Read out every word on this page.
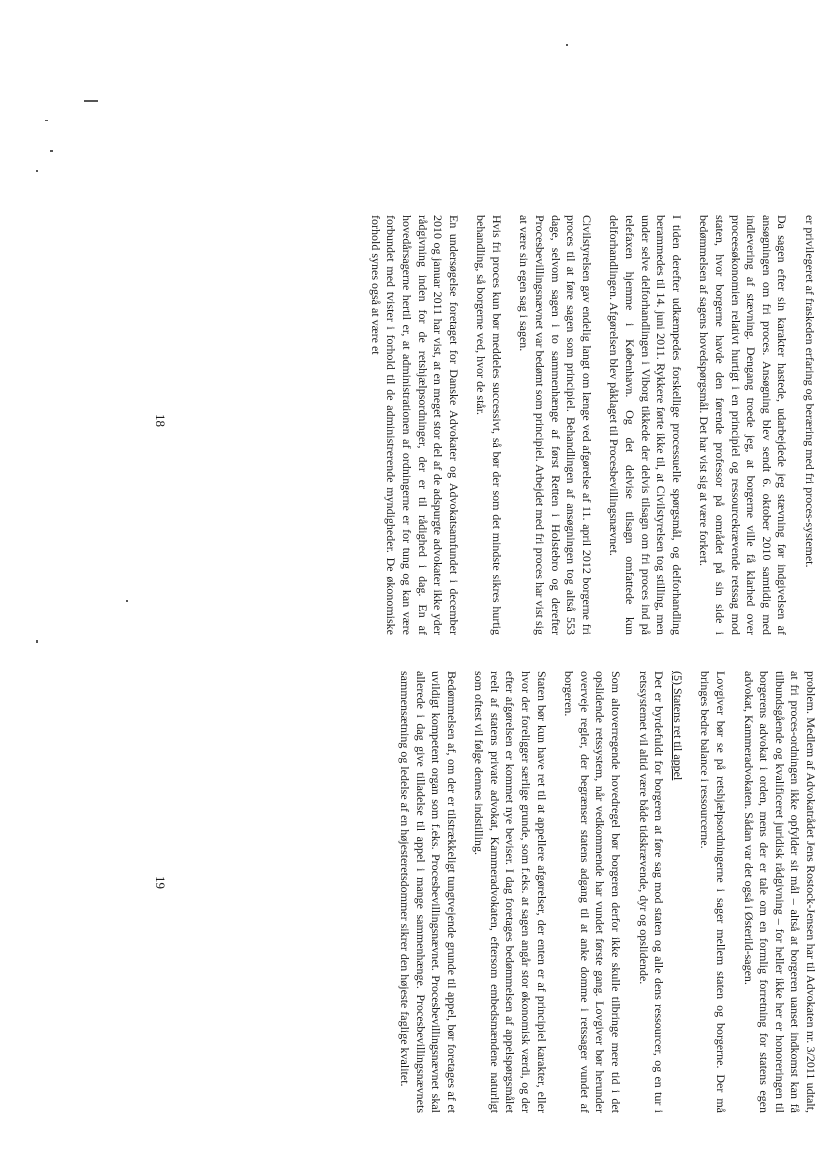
er privilegeret af fraskeden erfaring og beræring med fri proces-systemet.

Da sagen efter sin karakter hastede, udarbejdede jeg stævning før indgivelsen af ansøgningen om fri proces. Ansøgning blev sendt 6. oktober 2010 samtidig med indlevering af stævning. Dengang troede jeg, at borgerne ville få klarhed over proceesøkonomien relativt hurtigt i en principiel og ressourcekrævende retssag mod staten, hvor borgerne havde den førende professor på området på sin side i bedømmelsen af sagens hovedspørgsmål. Det har vist sig at være forkert.

I tiden derefter udkæmpedes forskellige processuelle spørgsmål, og delforhandling berammedes til 14. juni 2011. Rykkere førte ikke til, at Civilstyrelsen tog stilling, men under selve delforhandlingen i Viborg tikkede der delvis tilsagn om fri proces ind på telefaxen hjemme i København. Og det delvise tilsagn omfattede kun delforhandlingen. Afgørelsen blev påklaget til Procesbevillingsnævnet.

Civilstyrelsen gav endelig langt om længe ved afgørelse af 11. april 2012 borgerne fri proces til at føre sagen som principiel. Behandlingen af ansøgningen tog altså 553 dage, selvom sagen i to sammenhænge af først Retten i Holstebro og derefter Procesbevillingsnævnet var bedømt som principiel. Arbejdet med fri proces har vist sig at være sin egen sag i sagen.

Hvis fri proces kun bør meddeles successivt, så bør der som det mindste sikres hurtig behandling, så borgerne ved, hvor de står.

En undersøgelse foretaget for Danske Advokater og Advokatsamfundet i december 2010 og januar 2011 har vist, at en meget stor del af de adspurgte advokater ikke yder rådgivning inden for de retshjælpsordninger, der er til rådighed i dag. En af hovedårsagerne hertil er, at administrationen af ordningerne er for tung og kan være forbundet med tvister i forhold til de administrerende myndigheder. De økonomiske forhold synes også at være et

18

problem. Medlem af Advokatrådet Jens Rostock-Jensen har til Advokaten nr. 3/2011 udtalt, at fri proces-ordningen ikke opfylder sit mål – altså at borgeren uanset indkomst kan få tilbundsgående og kvalificeret juridisk rådgivning – for heller ikke her er honoreringen til borgerens advokat i orden, mens der er tale om en formlig forretning for statens egen advokat, Kammeradvokaten. Sådan var det også i Østerild-sagen.

Lovgiver bør se på retshjælpsordningerne i sager mellem staten og borgerne. Der må bringes bedre balance i ressourcerne.

(5) Statens ret til appel

Det er byrdefuldt for borgeren at føre sag mod staten og alle dens ressourcer, og en tur i retssystemet vil altid være både tidskrævende, dyr og opslidende.

Som altoverregende hovedregel bør borgeren derfor ikke skulle tilbringe mere tid i det opslidende retssystem, når vedkommende har vundet første gang. Lovgiver bør herunder overveje regler, der begrænser statens adgang til at anke domme i retssager vundet af borgeren.

Staten bør kun have ret til at appellere afgørelser, der enten er af principiel karakter, eller hvor der foreligger særlige grunde, som f.eks. at sagen angår stor økonomisk værdi, og der efter afgørelsen er kommet nye beviser. I dag foretages bedømmelsen af appelspørgsmålet reelt af statens private advokat, Kammeradvokaten, eftersom embedsmændene naturligt som oftest vil følge dennes indstilling.

Bedømmelsen af, om der er tilstrækkeligt tungtvejende grunde til appel, bør foretages af et uvildigt kompetent organ som f.eks. Procesbevillingsnævnet. Procesbevillingsnævnet skal allerede i dag give tilladelse til appel i mange sammenhænge. Procesbevillingsnævnets sammensætning og ledelse af en højesteretsdommer sikrer den højeste faglige kvalitet.

19
